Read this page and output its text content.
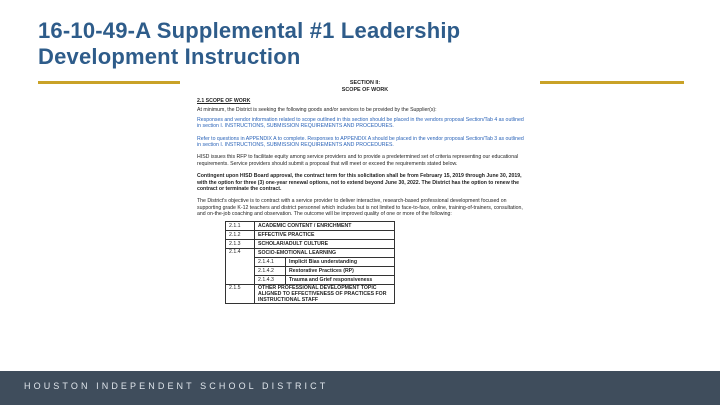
16-10-49-A Supplemental #1 Leadership
Development Instruction
SECTION II:
SCOPE OF WORK
2.1 SCOPE OF WORK
At minimum, the District is seeking the following goods and/or services to be provided by the Supplier(s):
Responses and vendor information related to scope outlined in this section should be placed in the vendors proposal Section/Tab 4 as outlined in section I. INSTRUCTIONS, SUBMISSION REQUIREMENTS AND PROCEDURES.
Refer to questions in APPENDIX A to complete. Responses to APPENDIX A should be placed in the vendor proposal Section/Tab 3 as outlined in section I. INSTRUCTIONS, SUBMISSION REQUIREMENTS AND PROCEDURES.
HISD issues this RFP to facilitate equity among service providers and to provide a predetermined set of criteria representing our educational requirements. Service providers should submit a proposal that will meet or exceed the requirements stated below.
Contingent upon HISD Board approval, the contract term for this solicitation shall be from February 15, 2019 through June 30, 2019, with the option for three (3) one-year renewal options, not to extend beyond June 30, 2022. The District has the option to renew the contract or terminate the contract.
The District's objective is to contract with a service provider to deliver interactive, research-based professional development focused on supporting grade K-12 teachers and district personnel which includes but is not limited to face-to-face, online, training-of-trainers, consultation, and on-the-job coaching and observation. The outcome will be improved quality of one or more of the following:
2.1.1	ACADEMIC CONTENT / ENRICHMENT	
2.1.2	EFFECTIVE PRACTICE	
2.1.3	SCHOLAR/ADULT CULTURE	
2.1.4	SOCIO-EMOTIONAL LEARNING	
	2.1.4.1	Implicit Bias understanding
	2.1.4.2	Restorative Practices (RP)
	2.1.4.3	Trauma and Grief responsiveness
2.1.5	OTHER PROFESSIONAL DEVELOPMENT TOPIC ALIGNED TO EFFECTIVENESS OF PRACTICES FOR INSTRUCTIONAL STAFF	
HOUSTON INDEPENDENT SCHOOL DISTRICT
